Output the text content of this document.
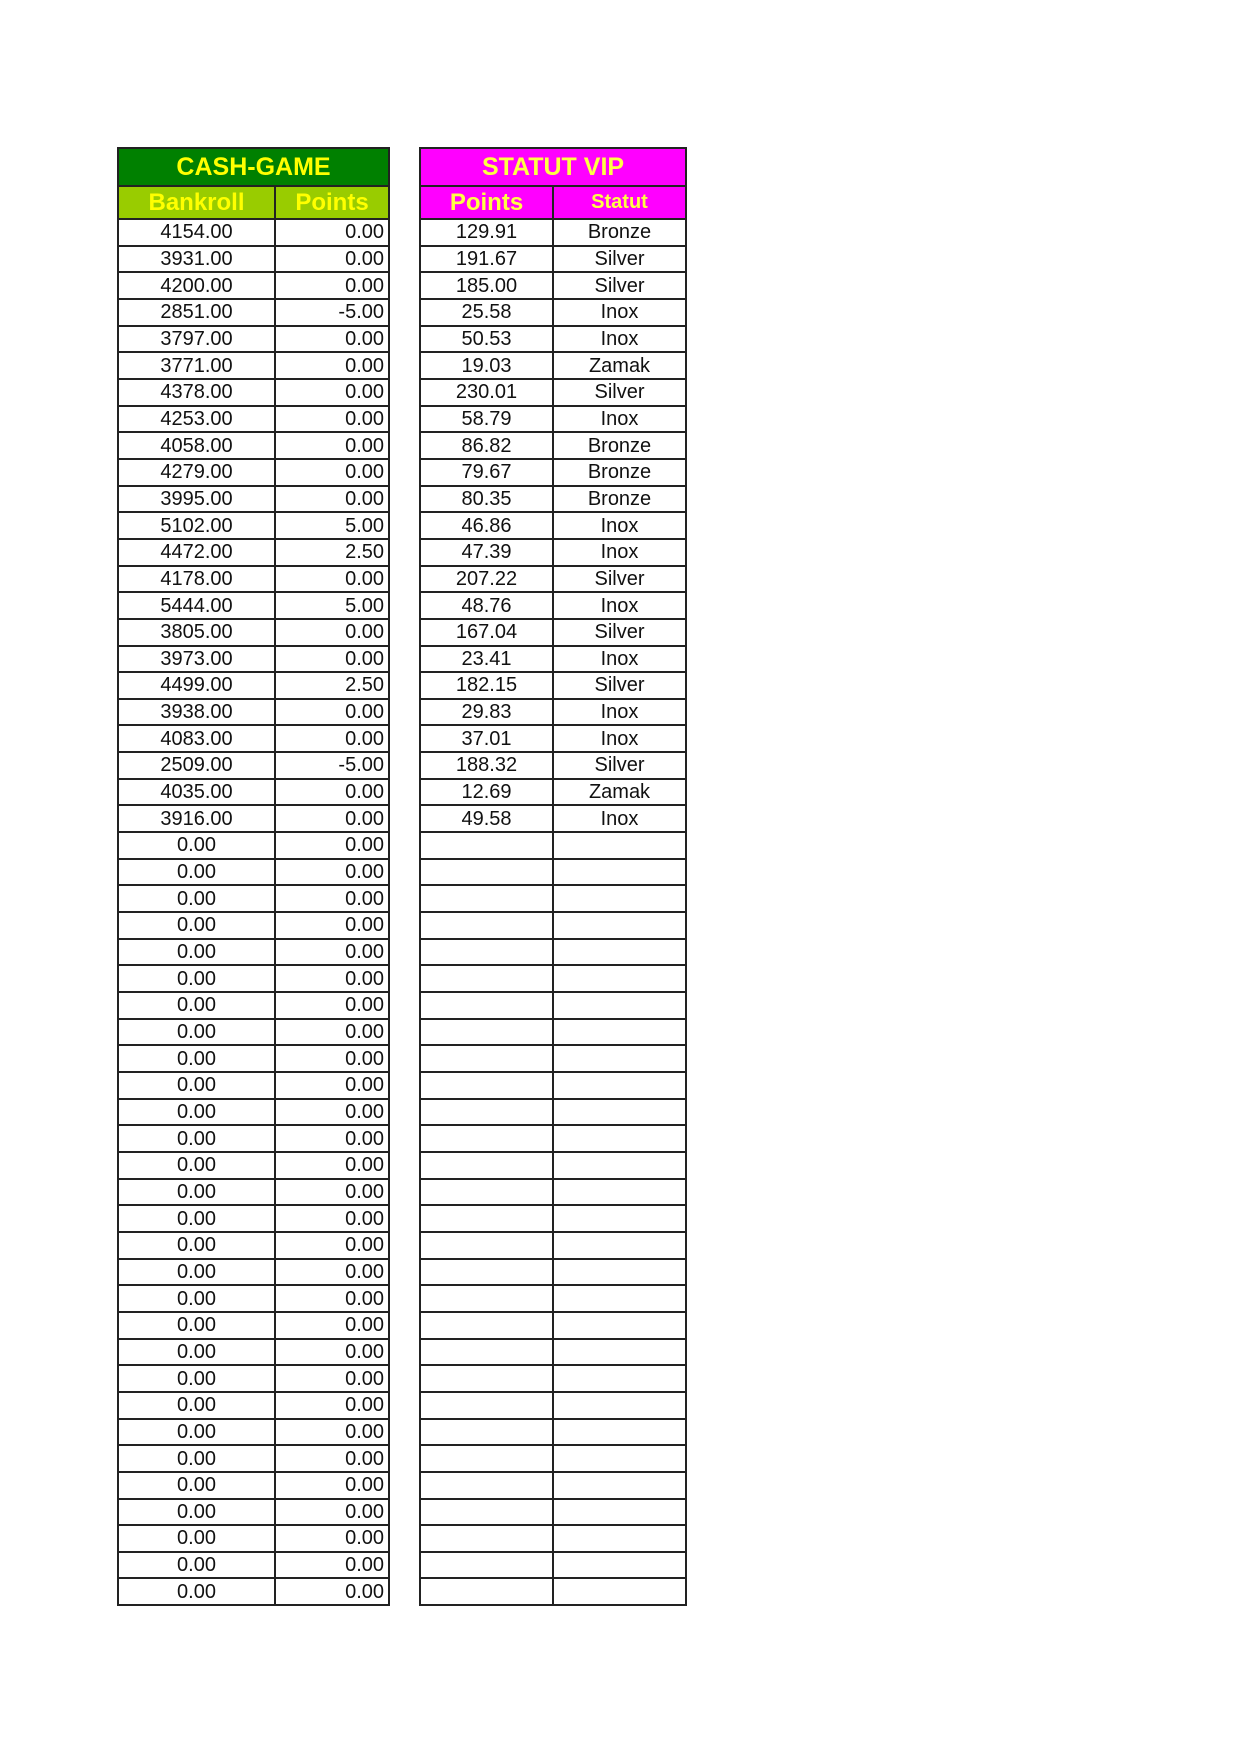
CASH-GAME	
Bankroll	Points
4154.00	0.00
3931.00	0.00
4200.00	0.00
2851.00	-5.00
3797.00	0.00
3771.00	0.00
4378.00	0.00
4253.00	0.00
4058.00	0.00
4279.00	0.00
3995.00	0.00
5102.00	5.00
4472.00	2.50
4178.00	0.00
5444.00	5.00
3805.00	0.00
3973.00	0.00
4499.00	2.50
3938.00	0.00
4083.00	0.00
2509.00	-5.00
4035.00	0.00
3916.00	0.00
0.00	0.00
0.00	0.00
0.00	0.00
0.00	0.00
0.00	0.00
0.00	0.00
0.00	0.00
0.00	0.00
0.00	0.00
0.00	0.00
0.00	0.00
0.00	0.00
0.00	0.00
0.00	0.00
0.00	0.00
0.00	0.00
0.00	0.00
0.00	0.00
0.00	0.00
0.00	0.00
0.00	0.00
0.00	0.00
0.00	0.00
0.00	0.00
0.00	0.00
0.00	0.00
0.00	0.00
0.00	0.00
0.00	0.00
STATUT VIP	
Points	Statut
129.91	Bronze
191.67	Silver
185.00	Silver
25.58	Inox
50.53	Inox
19.03	Zamak
230.01	Silver
58.79	Inox
86.82	Bronze
79.67	Bronze
80.35	Bronze
46.86	Inox
47.39	Inox
207.22	Silver
48.76	Inox
167.04	Silver
23.41	Inox
182.15	Silver
29.83	Inox
37.01	Inox
188.32	Silver
12.69	Zamak
49.58	Inox
